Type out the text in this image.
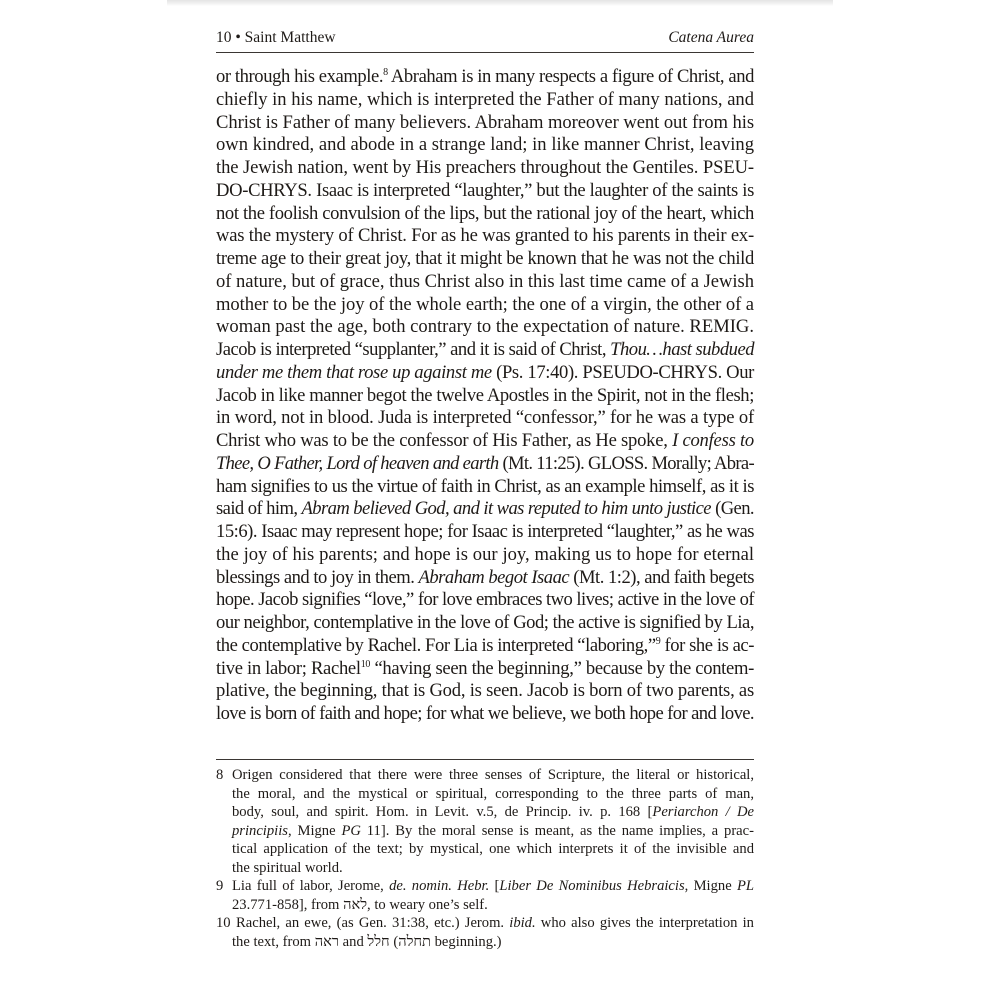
10 • Saint Matthew	Catena Aurea
or through his example.$^8$ Abraham is in many respects a figure of Christ, and
chiefly in his name, which is interpreted the Father of many nations, and
Christ is Father of many believers. Abraham moreover went out from his
own kindred, and abode in a strange land; in like manner Christ, leaving
the Jewish nation, went by His preachers throughout the Gentiles. PSEU-
DO-CHRYS. Isaac is interpreted “laughter,” but the laughter of the saints is
not the foolish convulsion of the lips, but the rational joy of the heart, which
was the mystery of Christ. For as he was granted to his parents in their ex-
treme age to their great joy, that it might be known that he was not the child
of nature, but of grace, thus Christ also in this last time came of a Jewish
mother to be the joy of the whole earth; the one of a virgin, the other of a
woman past the age, both contrary to the expectation of nature. REMIG.
Jacob is interpreted “supplanter,” and it is said of Christ, Thou…hast subdued
under me them that rose up against me (Ps. 17:40). PSEUDO-CHRYS. Our
Jacob in like manner begot the twelve Apostles in the Spirit, not in the flesh;
in word, not in blood. Juda is interpreted “confessor,” for he was a type of
Christ who was to be the confessor of His Father, as He spoke, I confess to
Thee, O Father, Lord of heaven and earth (Mt. 11:25). GLOSS. Morally; Abra-
ham signifies to us the virtue of faith in Christ, as an example himself, as it is
said of him, Abram believed God, and it was reputed to him unto justice (Gen.
15:6). Isaac may represent hope; for Isaac is interpreted “laughter,” as he was
the joy of his parents; and hope is our joy, making us to hope for eternal
blessings and to joy in them. Abraham begot Isaac (Mt. 1:2), and faith begets
hope. Jacob signifies “love,” for love embraces two lives; active in the love of
our neighbor, contemplative in the love of God; the active is signified by Lia,
the contemplative by Rachel. For Lia is interpreted “laboring,”$^9$ for she is ac-
tive in labor; Rachel$^{10}$ “having seen the beginning,” because by the contem-
plative, the beginning, that is God, is seen. Jacob is born of two parents, as
love is born of faith and hope; for what we believe, we both hope for and love.
8 Origen considered that there were three senses of Scripture, the literal or historical,
the moral, and the mystical or spiritual, corresponding to the three parts of man,
body, soul, and spirit. Hom. in Levit. v.5, de Princip. iv. p. 168 [Periarchon / De
principiis, Migne PG 11]. By the moral sense is meant, as the name implies, a prac-
tical application of the text; by mystical, one which interprets it of the invisible and
the spiritual world.
9 Lia full of labor, Jerome, de. nomin. Hebr. [Liber De Nominibus Hebraicis, Migne PL
23.771-858], from לאה, to weary one’s self.
10 Rachel, an ewe, (as Gen. 31:38, etc.) Jerom. ibid. who also gives the interpretation in
the text, from ראה and חלל (תחלה beginning.)
